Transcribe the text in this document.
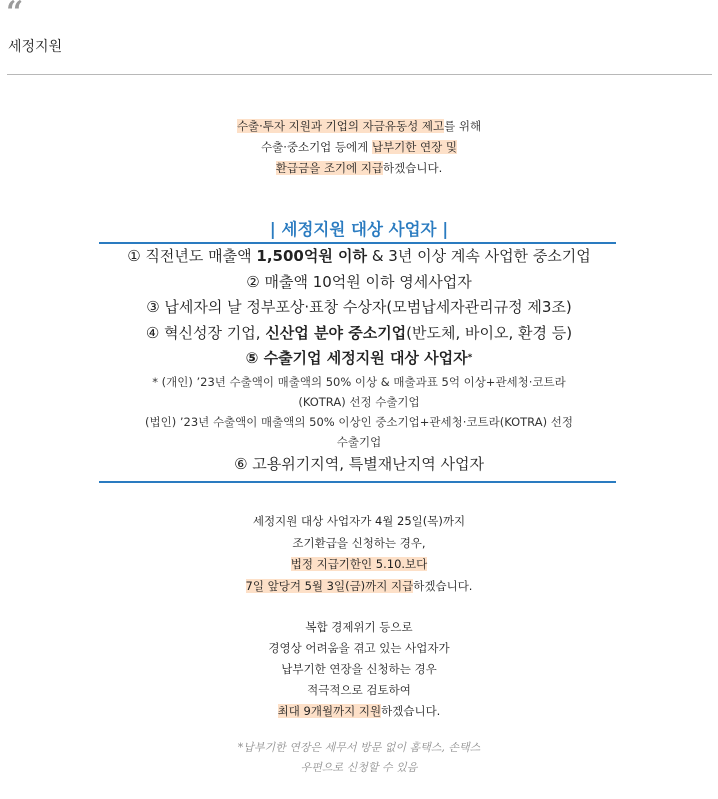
“
세정지원
수출·투자 지원과 기업의 자금유동성 제고를 위해
수출·중소기업 등에게 납부기한 연장 및
환급금을 조기에 지급하겠습니다.
| 세정지원 대상 사업자 |
① 직전년도 매출액 1,500억원 이하 & 3년 이상 계속 사업한 중소기업
② 매출액 10억원 이하 영세사업자
③ 납세자의 날 정부포상·표창 수상자(모범납세자관리규정 제3조)
④ 혁신성장 기업, 신산업 분야 중소기업(반도체, 바이오, 환경 등)
⑤ 수출기업 세정지원 대상 사업자*
* (개인) ’23년 수출액이 매출액의 50% 이상 & 매출과표 5억 이상+관세청·코트라
(KOTRA) 선정 수출기업
(법인) ’23년 수출액이 매출액의 50% 이상인 중소기업+관세청·코트라(KOTRA) 선정
수출기업
⑥ 고용위기지역, 특별재난지역 사업자
세정지원 대상 사업자가 4월 25일(목)까지
조기환급을 신청하는 경우,
법정 지급기한인 5.10.보다
7일 앞당겨 5월 3일(금)까지 지급하겠습니다.
복합 경제위기 등으로
경영상 어려움을 겪고 있는 사업자가
납부기한 연장을 신청하는 경우
적극적으로 검토하여
최대 9개월까지 지원하겠습니다.
*납부기한 연장은 세무서 방문 없이 홈택스, 손택스
우편으로 신청할 수 있음
